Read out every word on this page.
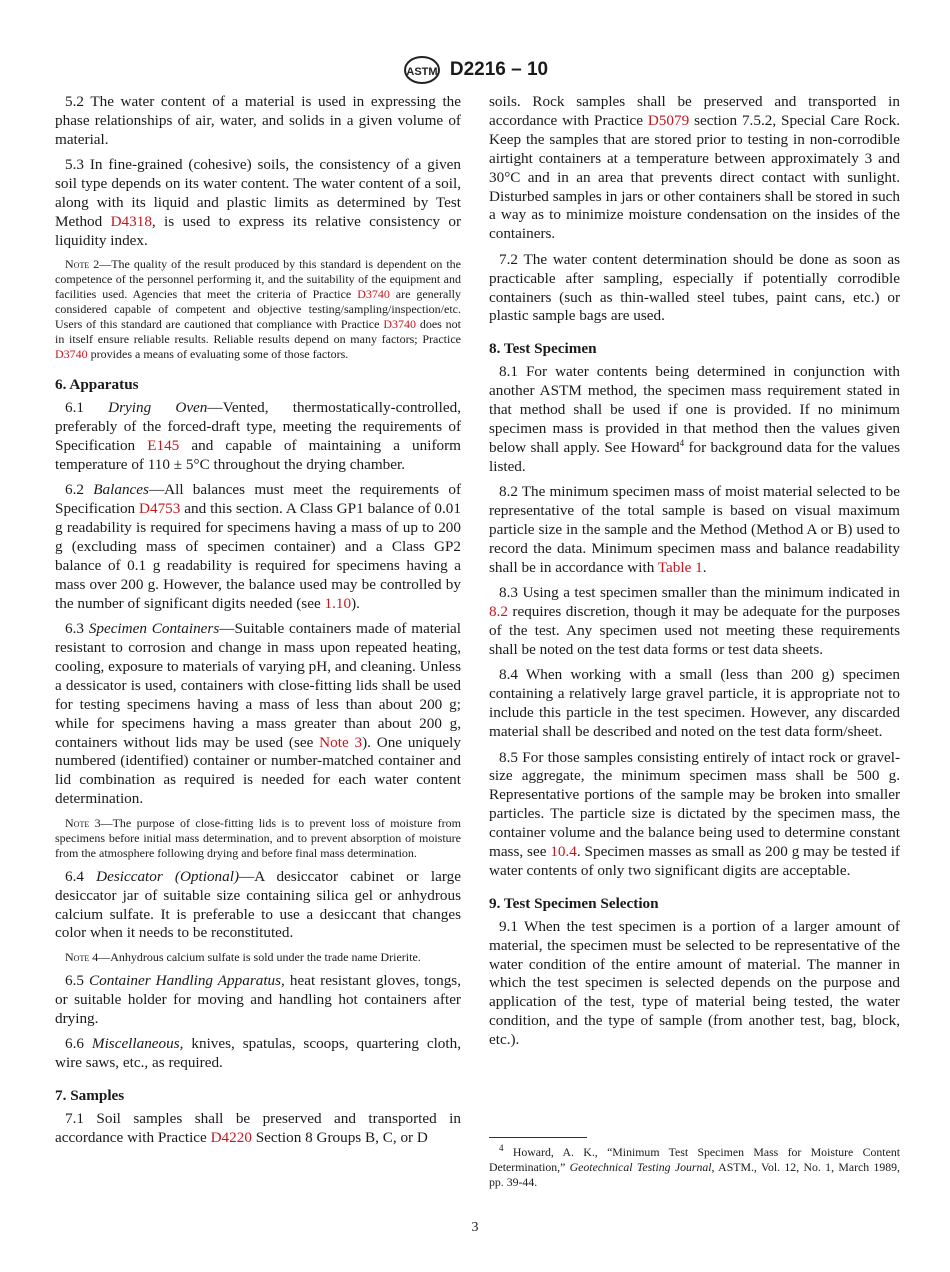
ASTM D2216 – 10

5.2 The water content of a material is used in expressing the phase relationships of air, water, and solids in a given volume of material.

5.3 In fine-grained (cohesive) soils, the consistency of a given soil type depends on its water content. The water content of a soil, along with its liquid and plastic limits as determined by Test Method D4318, is used to express its relative consistency or liquidity index.

Note 2—The quality of the result produced by this standard is dependent on the competence of the personnel performing it, and the suitability of the equipment and facilities used. Agencies that meet the criteria of Practice D3740 are generally considered capable of competent and objective testing/sampling/inspection/etc. Users of this standard are cautioned that compliance with Practice D3740 does not in itself ensure reliable results. Reliable results depend on many factors; Practice D3740 provides a means of evaluating some of those factors.

6. Apparatus

6.1 Drying Oven—Vented, thermostatically-controlled, preferably of the forced-draft type, meeting the requirements of Specification E145 and capable of maintaining a uniform temperature of 110 ± 5°C throughout the drying chamber.

6.2 Balances—All balances must meet the requirements of Specification D4753 and this section. A Class GP1 balance of 0.01 g readability is required for specimens having a mass of up to 200 g (excluding mass of specimen container) and a Class GP2 balance of 0.1 g readability is required for specimens having a mass over 200 g. However, the balance used may be controlled by the number of significant digits needed (see 1.10).

6.3 Specimen Containers—Suitable containers made of material resistant to corrosion and change in mass upon repeated heating, cooling, exposure to materials of varying pH, and cleaning. Unless a dessicator is used, containers with close-fitting lids shall be used for testing specimens having a mass of less than about 200 g; while for specimens having a mass greater than about 200 g, containers without lids may be used (see Note 3). One uniquely numbered (identified) container or number-matched container and lid combination as required is needed for each water content determination.

Note 3—The purpose of close-fitting lids is to prevent loss of moisture from specimens before initial mass determination, and to prevent absorption of moisture from the atmosphere following drying and before final mass determination.

6.4 Desiccator (Optional)—A desiccator cabinet or large desiccator jar of suitable size containing silica gel or anhydrous calcium sulfate. It is preferable to use a desiccant that changes color when it needs to be reconstituted.

Note 4—Anhydrous calcium sulfate is sold under the trade name Drierite.

6.5 Container Handling Apparatus, heat resistant gloves, tongs, or suitable holder for moving and handling hot containers after drying.

6.6 Miscellaneous, knives, spatulas, scoops, quartering cloth, wire saws, etc., as required.

7. Samples

7.1 Soil samples shall be preserved and transported in accordance with Practice D4220 Section 8 Groups B, C, or D

soils. Rock samples shall be preserved and transported in accordance with Practice D5079 section 7.5.2, Special Care Rock. Keep the samples that are stored prior to testing in non-corrodible airtight containers at a temperature between approximately 3 and 30°C and in an area that prevents direct contact with sunlight. Disturbed samples in jars or other containers shall be stored in such a way as to minimize moisture condensation on the insides of the containers.

7.2 The water content determination should be done as soon as practicable after sampling, especially if potentially corrodible containers (such as thin-walled steel tubes, paint cans, etc.) or plastic sample bags are used.

8. Test Specimen

8.1 For water contents being determined in conjunction with another ASTM method, the specimen mass requirement stated in that method shall be used if one is provided. If no minimum specimen mass is provided in that method then the values given below shall apply. See Howard$^4$ for background data for the values listed.

8.2 The minimum specimen mass of moist material selected to be representative of the total sample is based on visual maximum particle size in the sample and the Method (Method A or B) used to record the data. Minimum specimen mass and balance readability shall be in accordance with Table 1.

8.3 Using a test specimen smaller than the minimum indicated in 8.2 requires discretion, though it may be adequate for the purposes of the test. Any specimen used not meeting these requirements shall be noted on the test data forms or test data sheets.

8.4 When working with a small (less than 200 g) specimen containing a relatively large gravel particle, it is appropriate not to include this particle in the test specimen. However, any discarded material shall be described and noted on the test data form/sheet.

8.5 For those samples consisting entirely of intact rock or gravel-size aggregate, the minimum specimen mass shall be 500 g. Representative portions of the sample may be broken into smaller particles. The particle size is dictated by the specimen mass, the container volume and the balance being used to determine constant mass, see 10.4. Specimen masses as small as 200 g may be tested if water contents of only two significant digits are acceptable.

9. Test Specimen Selection

9.1 When the test specimen is a portion of a larger amount of material, the specimen must be selected to be representative of the water condition of the entire amount of material. The manner in which the test specimen is selected depends on the purpose and application of the test, type of material being tested, the water condition, and the type of sample (from another test, bag, block, etc.).

$^4$ Howard, A. K., “Minimum Test Specimen Mass for Moisture Content Determination,” Geotechnical Testing Journal, ASTM., Vol. 12, No. 1, March 1989, pp. 39-44.
3
